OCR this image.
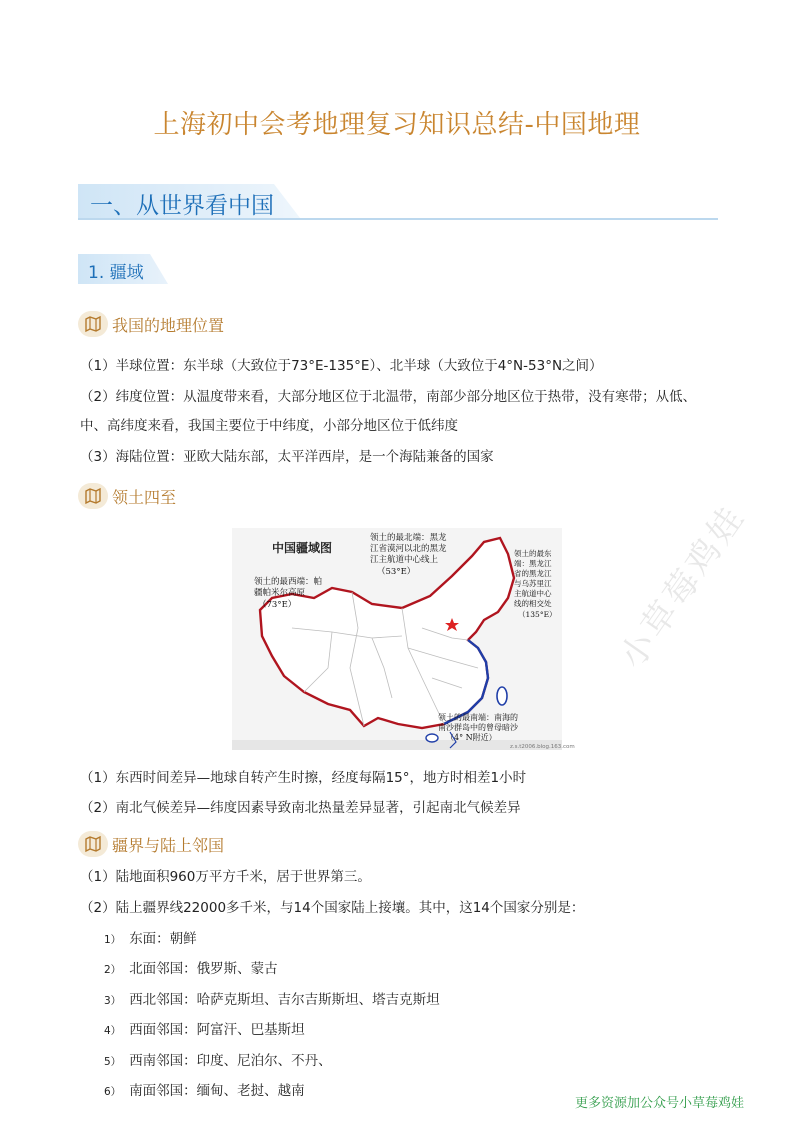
上海初中会考地理复习知识总结-中国地理
一、从世界看中国
1. 疆域
我国的地理位置
（1）半球位置：东半球（大致位于73°E-135°E）、北半球（大致位于4°N-53°N之间）
（2）纬度位置：从温度带来看，大部分地区位于北温带，南部少部分地区位于热带，没有寒带；从低、
中、高纬度来看，我国主要位于中纬度，小部分地区位于低纬度
（3）海陆位置：亚欧大陆东部，太平洋西岸，是一个海陆兼备的国家
领土四至
中国疆域图
领土的最北端：黑龙
江省漠河以北的黑龙
江主航道中心线上
（53°E）
领土的最西端：帕
疆帕米尔高原
（73°E）
领土的最东
端：黑龙江
省的黑龙江
与乌苏里江
主航道中心
线的相交处
（135°E）
领土的最南端：南海的
南沙群岛中的曾母暗沙
（4° N附近）
z.s.t2006.blog.163.com
（1）东西时间差异—地球自转产生时擦，经度每隔15°，地方时相差1小时
（2）南北气候差异—纬度因素导致南北热量差异显著，引起南北气候差异
疆界与陆上邻国
（1）陆地面积960万平方千米，居于世界第三。
（2）陆上疆界线22000多千米，与14个国家陆上接壤。其中，这14个国家分别是：
1） 东面：朝鲜
2） 北面邻国：俄罗斯、蒙古
3） 西北邻国：哈萨克斯坦、吉尔吉斯斯坦、塔吉克斯坦
4） 西面邻国：阿富汗、巴基斯坦
5） 西南邻国：印度、尼泊尔、不丹、
6） 南面邻国：缅甸、老挝、越南
小草莓鸡娃
更多资源加公众号小草莓鸡娃
